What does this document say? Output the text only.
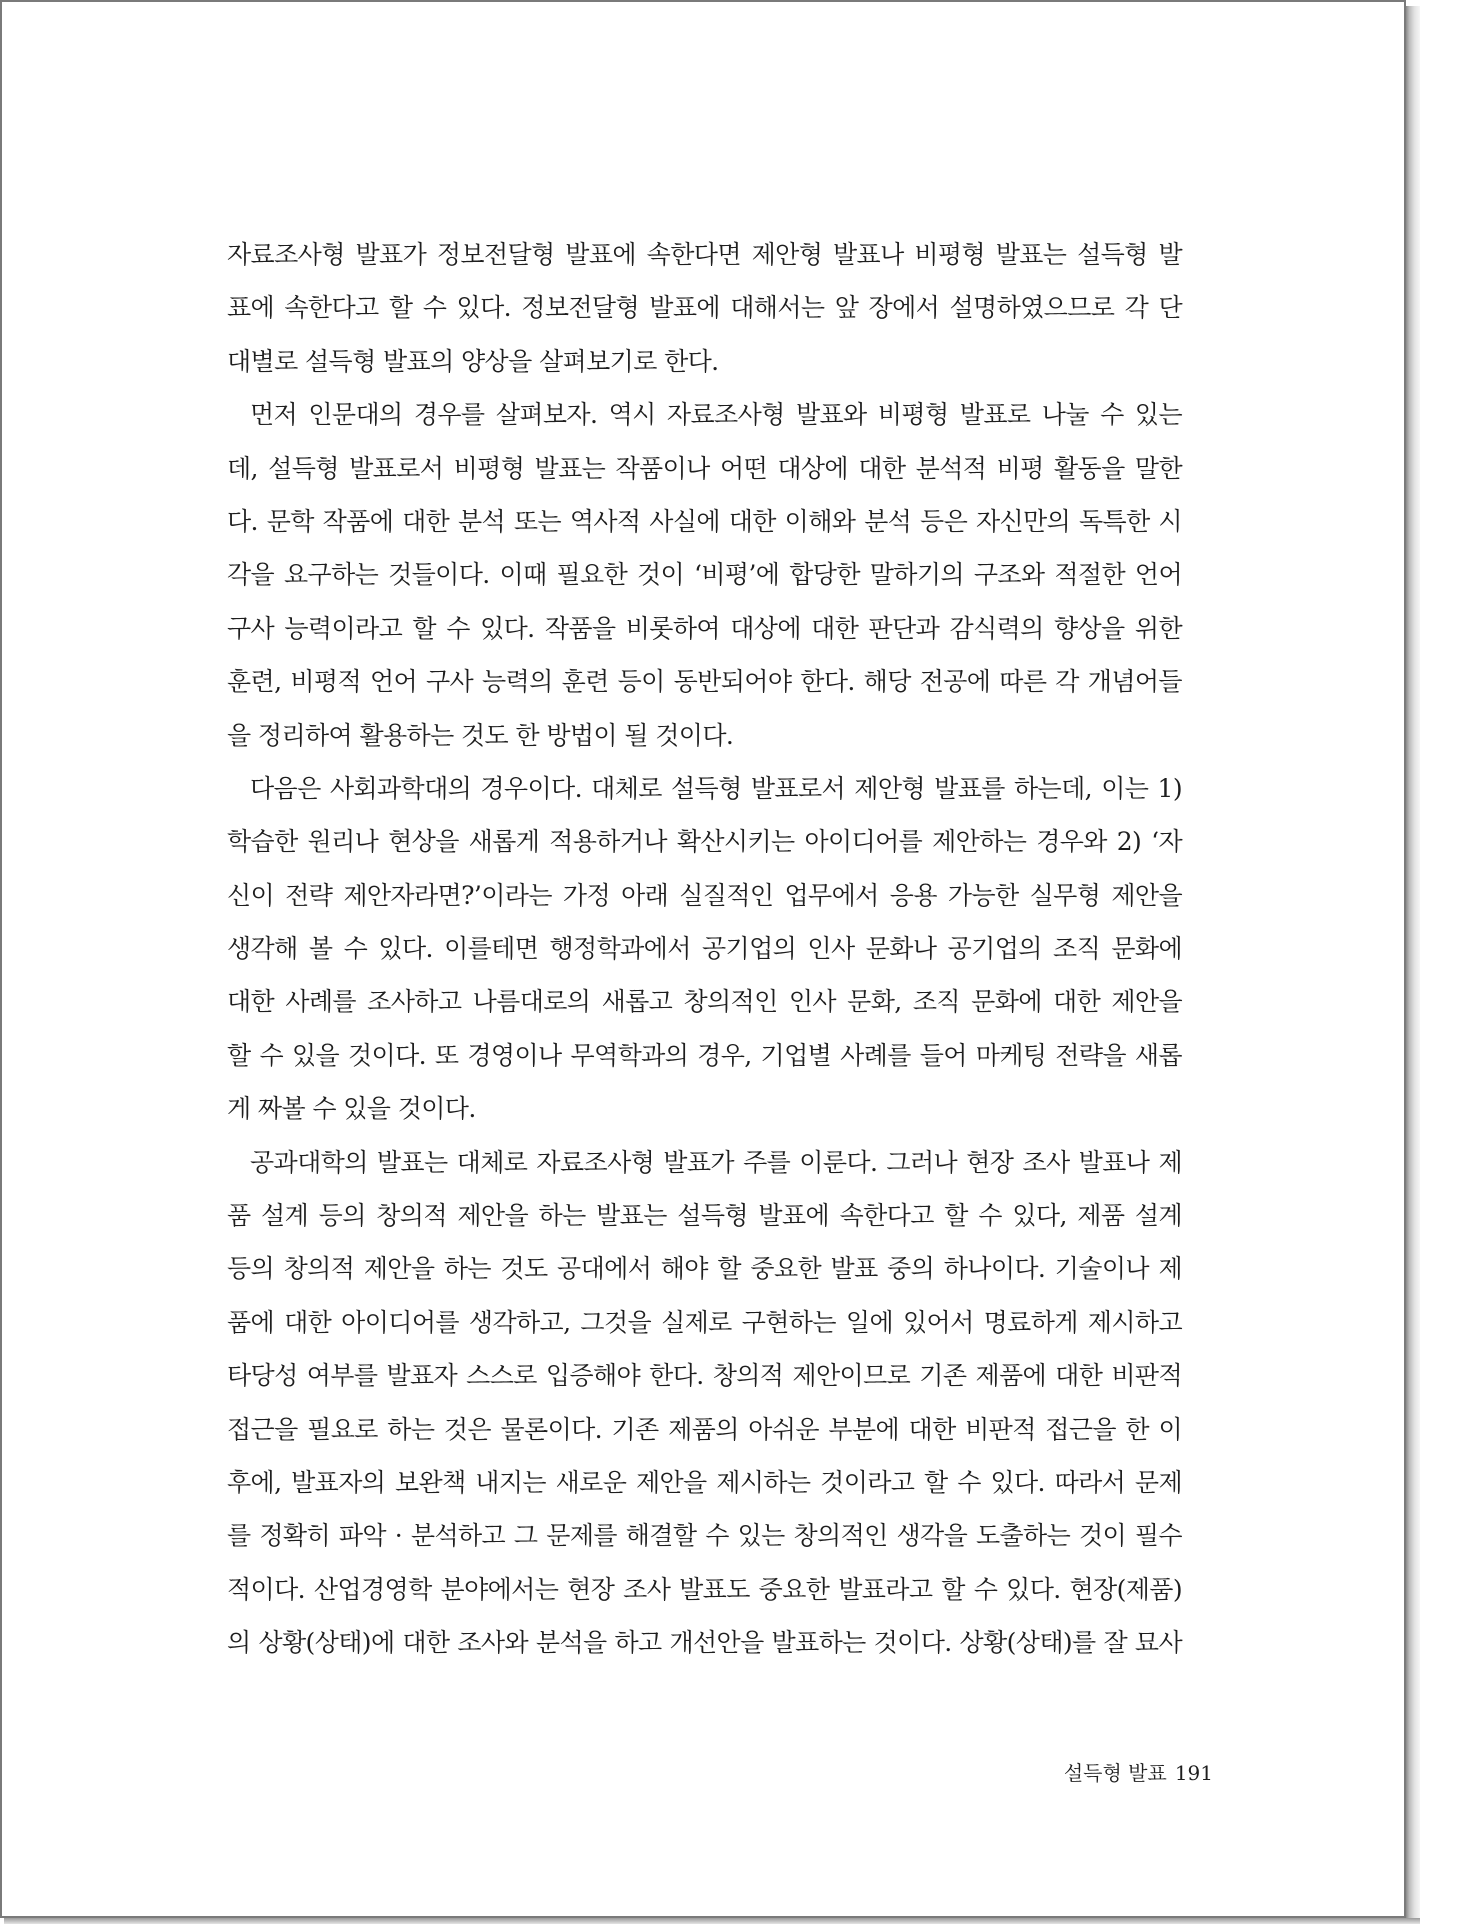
자료조사형 발표가 정보전달형 발표에 속한다면 제안형 발표나 비평형 발표는 설득형 발
표에 속한다고 할 수 있다. 정보전달형 발표에 대해서는 앞 장에서 설명하였으므로 각 단
대별로 설득형 발표의 양상을 살펴보기로 한다.
먼저 인문대의 경우를 살펴보자. 역시 자료조사형 발표와 비평형 발표로 나눌 수 있는
데, 설득형 발표로서 비평형 발표는 작품이나 어떤 대상에 대한 분석적 비평 활동을 말한
다. 문학 작품에 대한 분석 또는 역사적 사실에 대한 이해와 분석 등은 자신만의 독특한 시
각을 요구하는 것들이다. 이때 필요한 것이 ‘비평’에 합당한 말하기의 구조와 적절한 언어
구사 능력이라고 할 수 있다. 작품을 비롯하여 대상에 대한 판단과 감식력의 향상을 위한
훈련, 비평적 언어 구사 능력의 훈련 등이 동반되어야 한다. 해당 전공에 따른 각 개념어들
을 정리하여 활용하는 것도 한 방법이 될 것이다.
다음은 사회과학대의 경우이다. 대체로 설득형 발표로서 제안형 발표를 하는데, 이는 1)
학습한 원리나 현상을 새롭게 적용하거나 확산시키는 아이디어를 제안하는 경우와 2) ‘자
신이 전략 제안자라면?’이라는 가정 아래 실질적인 업무에서 응용 가능한 실무형 제안을
생각해 볼 수 있다. 이를테면 행정학과에서 공기업의 인사 문화나 공기업의 조직 문화에
대한 사례를 조사하고 나름대로의 새롭고 창의적인 인사 문화, 조직 문화에 대한 제안을
할 수 있을 것이다. 또 경영이나 무역학과의 경우, 기업별 사례를 들어 마케팅 전략을 새롭
게 짜볼 수 있을 것이다.
공과대학의 발표는 대체로 자료조사형 발표가 주를 이룬다. 그러나 현장 조사 발표나 제
품 설계 등의 창의적 제안을 하는 발표는 설득형 발표에 속한다고 할 수 있다, 제품 설계
등의 창의적 제안을 하는 것도 공대에서 해야 할 중요한 발표 중의 하나이다. 기술이나 제
품에 대한 아이디어를 생각하고, 그것을 실제로 구현하는 일에 있어서 명료하게 제시하고
타당성 여부를 발표자 스스로 입증해야 한다. 창의적 제안이므로 기존 제품에 대한 비판적
접근을 필요로 하는 것은 물론이다. 기존 제품의 아쉬운 부분에 대한 비판적 접근을 한 이
후에, 발표자의 보완책 내지는 새로운 제안을 제시하는 것이라고 할 수 있다. 따라서 문제
를 정확히 파악 · 분석하고 그 문제를 해결할 수 있는 창의적인 생각을 도출하는 것이 필수
적이다. 산업경영학 분야에서는 현장 조사 발표도 중요한 발표라고 할 수 있다. 현장(제품)
의 상황(상태)에 대한 조사와 분석을 하고 개선안을 발표하는 것이다. 상황(상태)를 잘 묘사
설득형 발표 191
